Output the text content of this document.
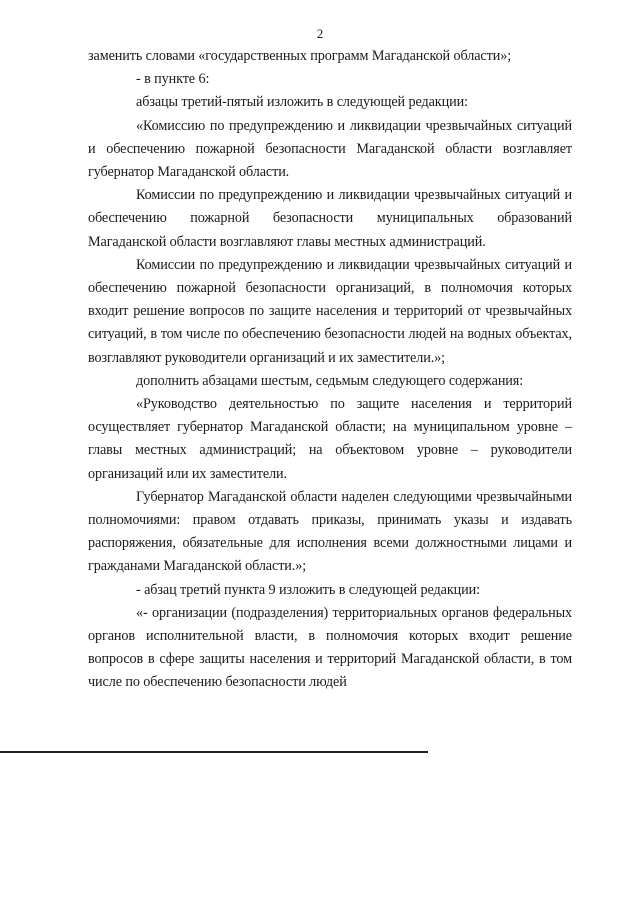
2

заменить словами «государственных программ Магаданской области»;

- в пункте 6:

абзацы третий-пятый изложить в следующей редакции:

«Комиссию по предупреждению и ликвидации чрезвычайных ситуаций и обеспечению пожарной безопасности Магаданской области возглавляет губернатор Магаданской области.

Комиссии по предупреждению и ликвидации чрезвычайных ситуаций и обеспечению пожарной безопасности муниципальных образований Магаданской области возглавляют главы местных администраций.

Комиссии по предупреждению и ликвидации чрезвычайных ситуаций и обеспечению пожарной безопасности организаций, в полномочия которых входит решение вопросов по защите населения и территорий от чрезвычайных ситуаций, в том числе по обеспечению безопасности людей на водных объектах, возглавляют руководители организаций и их заместители.»;

дополнить абзацами шестым, седьмым следующего содержания:

«Руководство деятельностью по защите населения и территорий осуществляет губернатор Магаданской области; на муниципальном уровне – главы местных администраций; на объектовом уровне – руководители организаций или их заместители.

Губернатор Магаданской области наделен следующими чрезвычайными полномочиями: правом отдавать приказы, принимать указы и издавать распоряжения, обязательные для исполнения всеми должностными лицами и гражданами Магаданской области.»;

- абзац третий пункта 9 изложить в следующей редакции:

«- организации (подразделения) территориальных органов федеральных органов исполнительной власти, в полномочия которых входит решение вопросов в сфере защиты населения и территорий Магаданской области, в том числе по обеспечению безопасности людей
